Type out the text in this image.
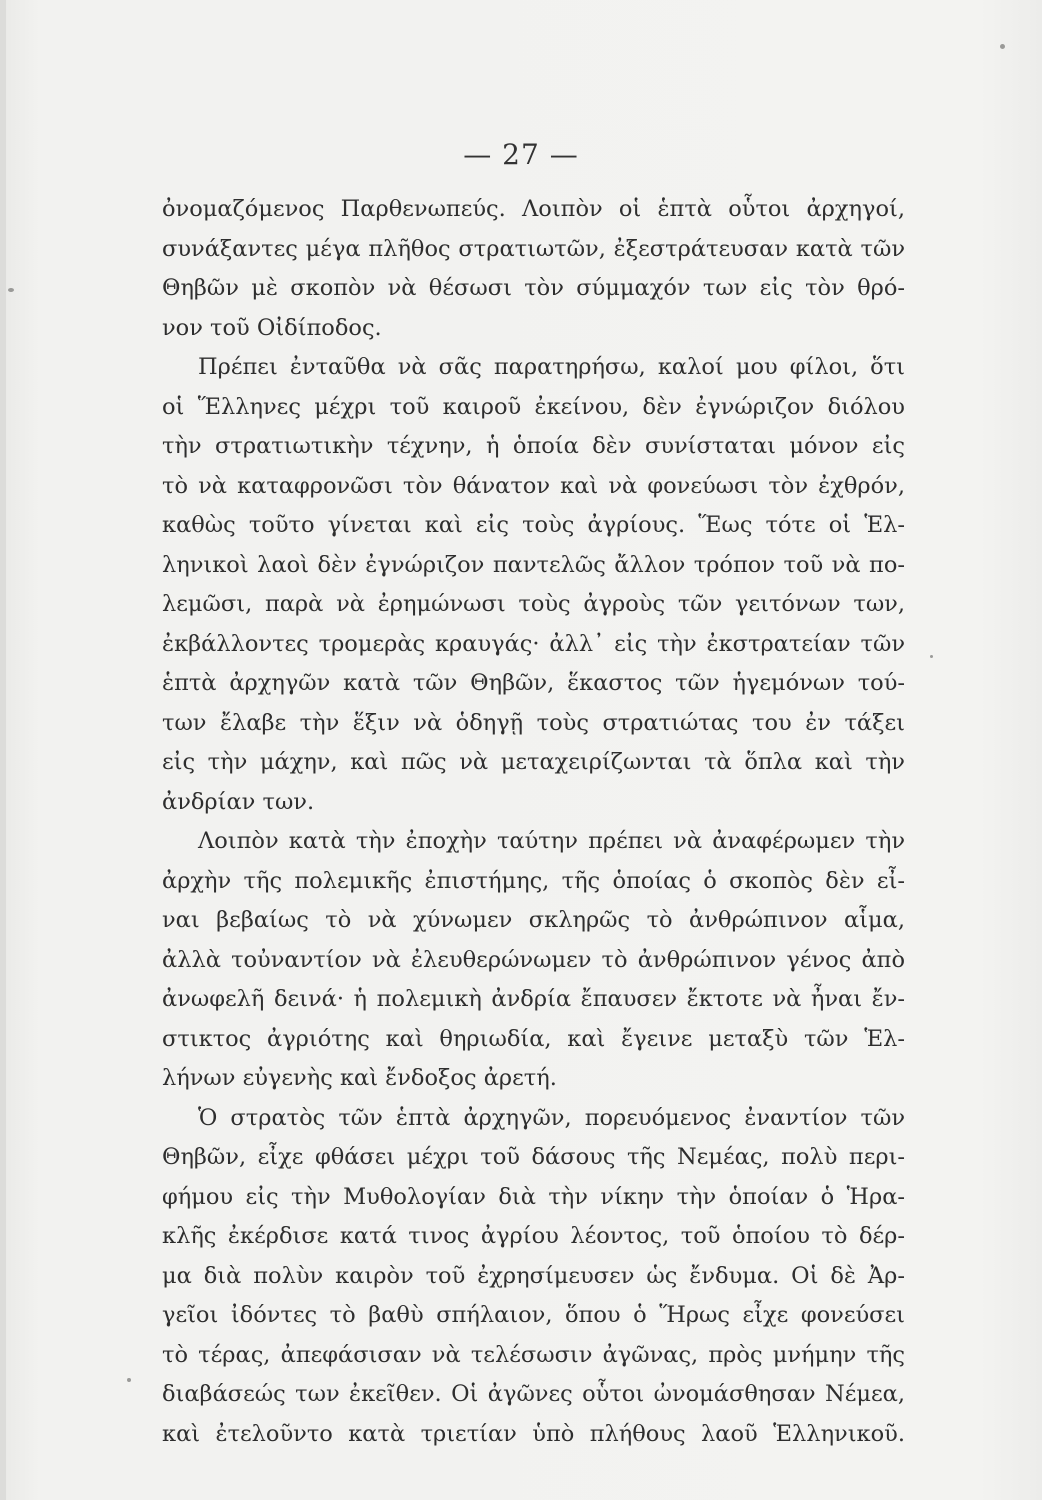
— 27 —
ὀνομαζόμενος Παρθενωπεύς. Λοιπὸν οἱ ἑπτὰ οὗτοι ἀρχηγοί,
συνάξαντες μέγα πλῆθος στρατιωτῶν, ἐξεστράτευσαν κατὰ τῶν
Θηβῶν μὲ σκοπὸν νὰ θέσωσι τὸν σύμμαχόν των εἰς τὸν θρό-
νον τοῦ Οἰδίποδος.
Πρέπει ἐνταῦθα νὰ σᾶς παρατηρήσω, καλοί μου φίλοι, ὅτι
οἱ Ἕλληνες μέχρι τοῦ καιροῦ ἐκείνου, δὲν ἐγνώριζον διόλου
τὴν στρατιωτικὴν τέχνην, ἡ ὁποία δὲν συνίσταται μόνον εἰς
τὸ νὰ καταφρονῶσι τὸν θάνατον καὶ νὰ φονεύωσι τὸν ἐχθρόν,
καθὼς τοῦτο γίνεται καὶ εἰς τοὺς ἀγρίους. Ἕως τότε οἱ Ἑλ-
ληνικοὶ λαοὶ δὲν ἐγνώριζον παντελῶς ἄλλον τρόπον τοῦ νὰ πο-
λεμῶσι, παρὰ νὰ ἐρημώνωσι τοὺς ἀγροὺς τῶν γειτόνων των,
ἐκβάλλοντες τρομερὰς κραυγάς· ἀλλ᾽ εἰς τὴν ἐκστρατείαν τῶν
ἑπτὰ ἀρχηγῶν κατὰ τῶν Θηβῶν, ἕκαστος τῶν ἡγεμόνων τού-
των ἔλαβε τὴν ἕξιν νὰ ὁδηγῇ τοὺς στρατιώτας του ἐν τάξει
εἰς τὴν μάχην, καὶ πῶς νὰ μεταχειρίζωνται τὰ ὅπλα καὶ τὴν
ἀνδρίαν των.
Λοιπὸν κατὰ τὴν ἐποχὴν ταύτην πρέπει νὰ ἀναφέρωμεν τὴν
ἀρχὴν τῆς πολεμικῆς ἐπιστήμης, τῆς ὁποίας ὁ σκοπὸς δὲν εἶ-
ναι βεβαίως τὸ νὰ χύνωμεν σκληρῶς τὸ ἀνθρώπινον αἷμα,
ἀλλὰ τοὐναντίον νὰ ἐλευθερώνωμεν τὸ ἀνθρώπινον γένος ἀπὸ
ἀνωφελῆ δεινά· ἡ πολεμικὴ ἀνδρία ἔπαυσεν ἔκτοτε νὰ ἦναι ἔν-
στικτος ἀγριότης καὶ θηριωδία, καὶ ἔγεινε μεταξὺ τῶν Ἑλ-
λήνων εὐγενὴς καὶ ἔνδοξος ἀρετή.
Ὁ στρατὸς τῶν ἑπτὰ ἀρχηγῶν, πορευόμενος ἐναντίον τῶν
Θηβῶν, εἶχε φθάσει μέχρι τοῦ δάσους τῆς Νεμέας, πολὺ περι-
φήμου εἰς τὴν Μυθολογίαν διὰ τὴν νίκην τὴν ὁποίαν ὁ Ἡρα-
κλῆς ἐκέρδισε κατά τινος ἀγρίου λέοντος, τοῦ ὁποίου τὸ δέρ-
μα διὰ πολὺν καιρὸν τοῦ ἐχρησίμευσεν ὡς ἔνδυμα. Οἱ δὲ Ἀρ-
γεῖοι ἰδόντες τὸ βαθὺ σπήλαιον, ὅπου ὁ Ἥρως εἶχε φονεύσει
τὸ τέρας, ἀπεφάσισαν νὰ τελέσωσιν ἀγῶνας, πρὸς μνήμην τῆς
διαβάσεώς των ἐκεῖθεν. Οἱ ἀγῶνες οὗτοι ὠνομάσθησαν Νέμεα,
καὶ ἐτελοῦντο κατὰ τριετίαν ὑπὸ πλήθους λαοῦ Ἑλληνικοῦ.
